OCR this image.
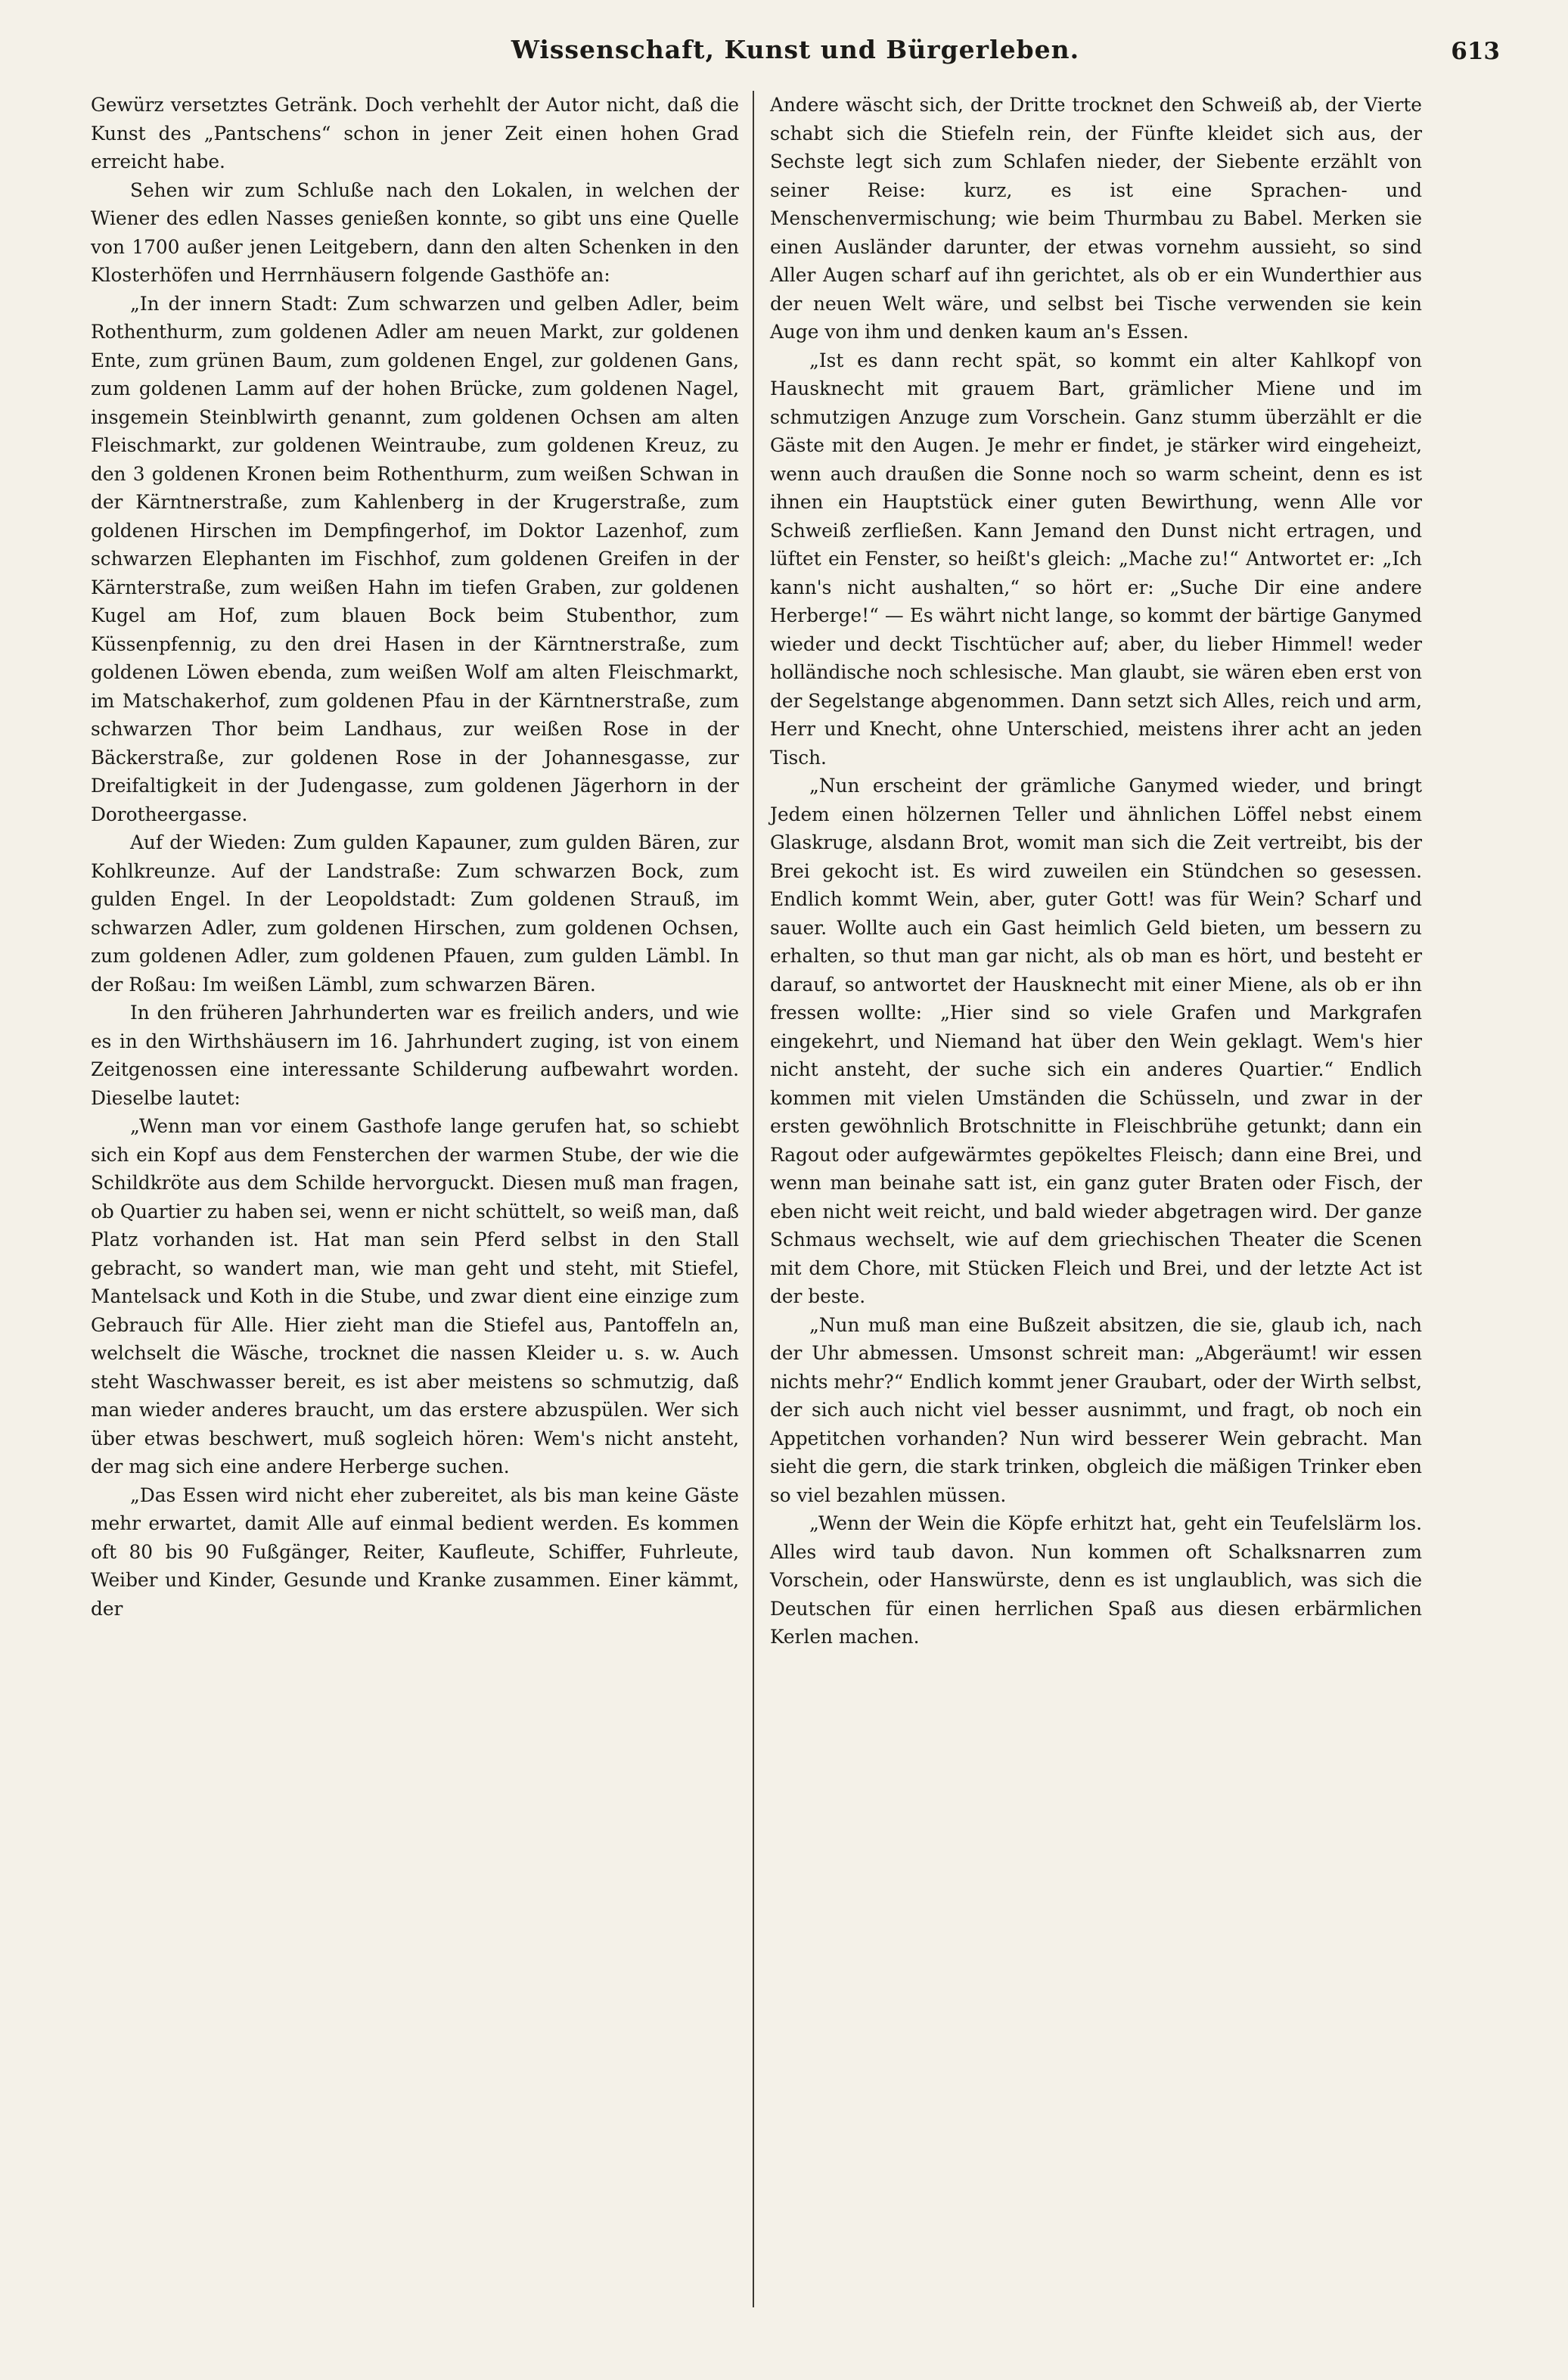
Wissenschaft, Kunst und Bürgerleben.	613

Gewürz versetztes Getränk. Doch verhehlt der Autor nicht, daß die Kunst des „Pantschens“ schon in jener Zeit einen hohen Grad erreicht habe.

Sehen wir zum Schluße nach den Lokalen, in welchen der Wiener des edlen Nasses genießen konnte, so gibt uns eine Quelle von 1700 außer jenen Leitgebern, dann den alten Schenken in den Klosterhöfen und Herrnhäusern folgende Gasthöfe an:

„In der innern Stadt: Zum schwarzen und gelben Adler, beim Rothenthurm, zum goldenen Adler am neuen Markt, zur goldenen Ente, zum grünen Baum, zum goldenen Engel, zur goldenen Gans, zum goldenen Lamm auf der hohen Brücke, zum goldenen Nagel, insgemein Steinblwirth genannt, zum goldenen Ochsen am alten Fleischmarkt, zur goldenen Weintraube, zum goldenen Kreuz, zu den 3 goldenen Kronen beim Rothenthurm, zum weißen Schwan in der Kärntnerstraße, zum Kahlenberg in der Krugerstraße, zum goldenen Hirschen im Dempfingerhof, im Doktor Lazenhof, zum schwarzen Elephanten im Fischhof, zum goldenen Greifen in der Kärnterstraße, zum weißen Hahn im tiefen Graben, zur goldenen Kugel am Hof, zum blauen Bock beim Stubenthor, zum Küssenpfennig, zu den drei Hasen in der Kärntnerstraße, zum goldenen Löwen ebenda, zum weißen Wolf am alten Fleischmarkt, im Matschakerhof, zum goldenen Pfau in der Kärntnerstraße, zum schwarzen Thor beim Landhaus, zur weißen Rose in der Bäckerstraße, zur goldenen Rose in der Johannesgasse, zur Dreifaltigkeit in der Judengasse, zum goldenen Jägerhorn in der Dorotheergasse.

Auf der Wieden: Zum gulden Kapauner, zum gulden Bären, zur Kohlkreunze. Auf der Landstraße: Zum schwarzen Bock, zum gulden Engel. In der Leopoldstadt: Zum goldenen Strauß, im schwarzen Adler, zum goldenen Hirschen, zum goldenen Ochsen, zum goldenen Adler, zum goldenen Pfauen, zum gulden Lämbl. In der Roßau: Im weißen Lämbl, zum schwarzen Bären.

In den früheren Jahrhunderten war es freilich anders, und wie es in den Wirthshäusern im 16. Jahrhundert zuging, ist von einem Zeitgenossen eine interessante Schilderung aufbewahrt worden. Dieselbe lautet:

„Wenn man vor einem Gasthofe lange gerufen hat, so schiebt sich ein Kopf aus dem Fensterchen der warmen Stube, der wie die Schildkröte aus dem Schilde hervorguckt. Diesen muß man fragen, ob Quartier zu haben sei, wenn er nicht schüttelt, so weiß man, daß Platz vorhanden ist. Hat man sein Pferd selbst in den Stall gebracht, so wandert man, wie man geht und steht, mit Stiefel, Mantelsack und Koth in die Stube, und zwar dient eine einzige zum Gebrauch für Alle. Hier zieht man die Stiefel aus, Pantoffeln an, welchselt die Wäsche, trocknet die nassen Kleider u. s. w. Auch steht Waschwasser bereit, es ist aber meistens so schmutzig, daß man wieder anderes braucht, um das erstere abzuspülen. Wer sich über etwas beschwert, muß sogleich hören: Wem's nicht ansteht, der mag sich eine andere Herberge suchen.

„Das Essen wird nicht eher zubereitet, als bis man keine Gäste mehr erwartet, damit Alle auf einmal bedient werden. Es kommen oft 80 bis 90 Fußgänger, Reiter, Kaufleute, Schiffer, Fuhrleute, Weiber und Kinder, Gesunde und Kranke zusammen. Einer kämmt, der

Andere wäscht sich, der Dritte trocknet den Schweiß ab, der Vierte schabt sich die Stiefeln rein, der Fünfte kleidet sich aus, der Sechste legt sich zum Schlafen nieder, der Siebente erzählt von seiner Reise: kurz, es ist eine Sprachen- und Menschenvermischung; wie beim Thurmbau zu Babel. Merken sie einen Ausländer darunter, der etwas vornehm aussieht, so sind Aller Augen scharf auf ihn gerichtet, als ob er ein Wunderthier aus der neuen Welt wäre, und selbst bei Tische verwenden sie kein Auge von ihm und denken kaum an's Essen.

„Ist es dann recht spät, so kommt ein alter Kahlkopf von Hausknecht mit grauem Bart, grämlicher Miene und im schmutzigen Anzuge zum Vorschein. Ganz stumm überzählt er die Gäste mit den Augen. Je mehr er findet, je stärker wird eingeheizt, wenn auch draußen die Sonne noch so warm scheint, denn es ist ihnen ein Hauptstück einer guten Bewirthung, wenn Alle vor Schweiß zerfließen. Kann Jemand den Dunst nicht ertragen, und lüftet ein Fenster, so heißt's gleich: „Mache zu!“ Antwortet er: „Ich kann's nicht aushalten,“ so hört er: „Suche Dir eine andere Herberge!“ — Es währt nicht lange, so kommt der bärtige Ganymed wieder und deckt Tischtücher auf; aber, du lieber Himmel! weder holländische noch schlesische. Man glaubt, sie wären eben erst von der Segelstange abgenommen. Dann setzt sich Alles, reich und arm, Herr und Knecht, ohne Unterschied, meistens ihrer acht an jeden Tisch.

„Nun erscheint der grämliche Ganymed wieder, und bringt Jedem einen hölzernen Teller und ähnlichen Löffel nebst einem Glaskruge, alsdann Brot, womit man sich die Zeit vertreibt, bis der Brei gekocht ist. Es wird zuweilen ein Stündchen so gesessen. Endlich kommt Wein, aber, guter Gott! was für Wein? Scharf und sauer. Wollte auch ein Gast heimlich Geld bieten, um bessern zu erhalten, so thut man gar nicht, als ob man es hört, und besteht er darauf, so antwortet der Hausknecht mit einer Miene, als ob er ihn fressen wollte: „Hier sind so viele Grafen und Markgrafen eingekehrt, und Niemand hat über den Wein geklagt. Wem's hier nicht ansteht, der suche sich ein anderes Quartier.“ Endlich kommen mit vielen Umständen die Schüsseln, und zwar in der ersten gewöhnlich Brotschnitte in Fleischbrühe getunkt; dann ein Ragout oder aufgewärmtes gepökeltes Fleisch; dann eine Brei, und wenn man beinahe satt ist, ein ganz guter Braten oder Fisch, der eben nicht weit reicht, und bald wieder abgetragen wird. Der ganze Schmaus wechselt, wie auf dem griechischen Theater die Scenen mit dem Chore, mit Stücken Fleich und Brei, und der letzte Act ist der beste.

„Nun muß man eine Bußzeit absitzen, die sie, glaub ich, nach der Uhr abmessen. Umsonst schreit man: „Abgeräumt! wir essen nichts mehr?“ Endlich kommt jener Graubart, oder der Wirth selbst, der sich auch nicht viel besser ausnimmt, und fragt, ob noch ein Appetitchen vorhanden? Nun wird besserer Wein gebracht. Man sieht die gern, die stark trinken, obgleich die mäßigen Trinker eben so viel bezahlen müssen.

„Wenn der Wein die Köpfe erhitzt hat, geht ein Teufelslärm los. Alles wird taub davon. Nun kommen oft Schalksnarren zum Vorschein, oder Hanswürste, denn es ist unglaublich, was sich die Deutschen für einen herrlichen Spaß aus diesen erbärmlichen Kerlen machen.
